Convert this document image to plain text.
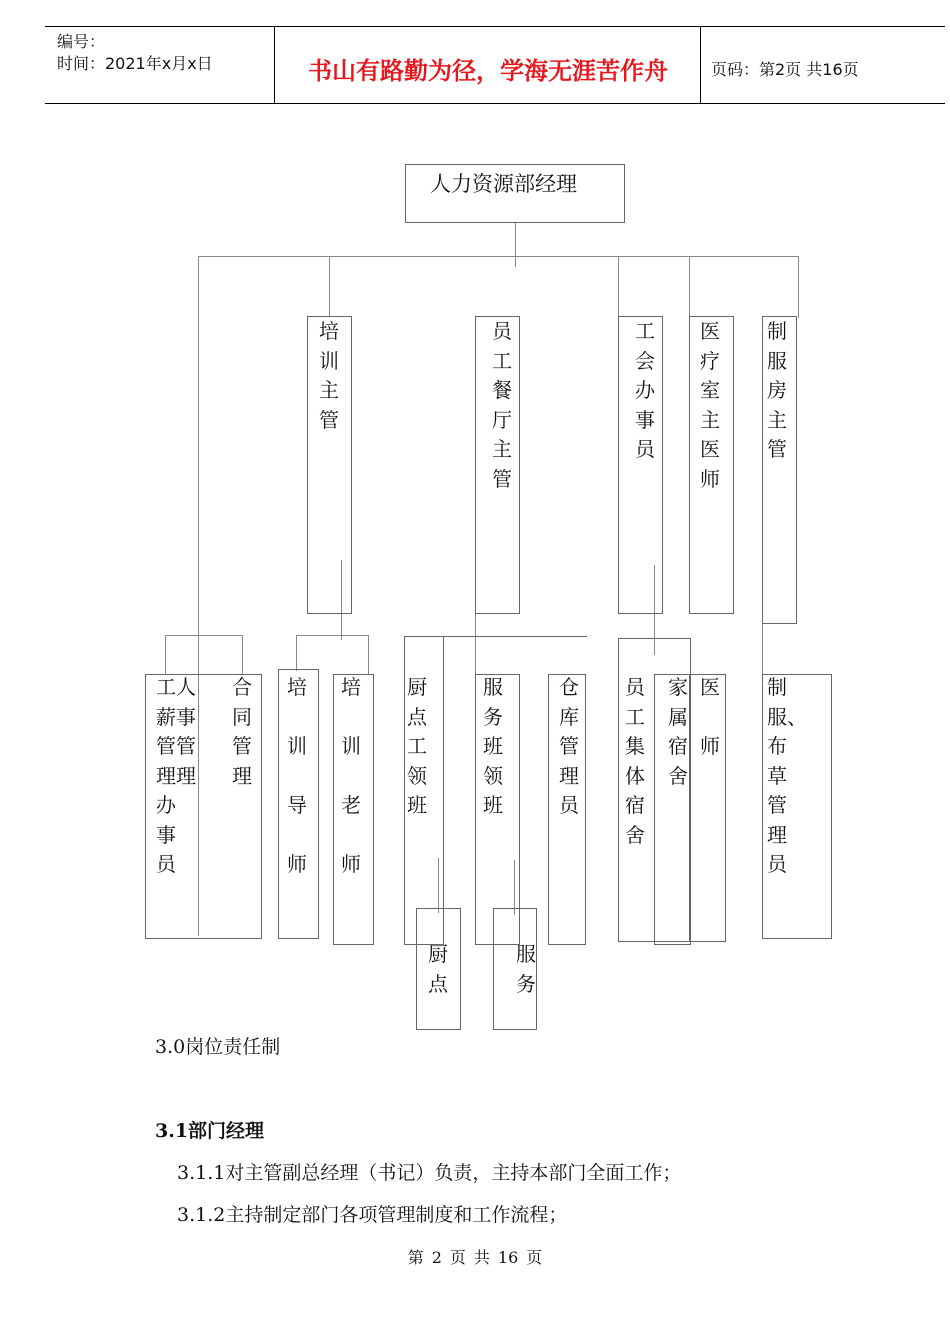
编号：
时间：2021年x月x日	书山有路勤为径，学海无涯苦作舟	页码：第2页 共16页
人力资源部经理
培
训
主
管
员
工
餐
厅
主
管
工
会
办
事
员
医
疗
室
主
医
师
制
服
房
主
管
工人
薪事
管管
理理
办
事
员
合
同
管
理
培

训

导

师
培

训

老

师
厨
点
工
领
班
服
务
班
领
班
仓
库
管
理
员
员
工
集
体
宿
舍
家
属
宿
舍
医

师
制
服、
布
草
管
理
员
厨
点
服
务
3.0岗位责任制
3.1部门经理
3.1.1对主管副总经理（书记）负责，主持本部门全面工作；
3.1.2主持制定部门各项管理制度和工作流程；
第 2 页 共 16 页
